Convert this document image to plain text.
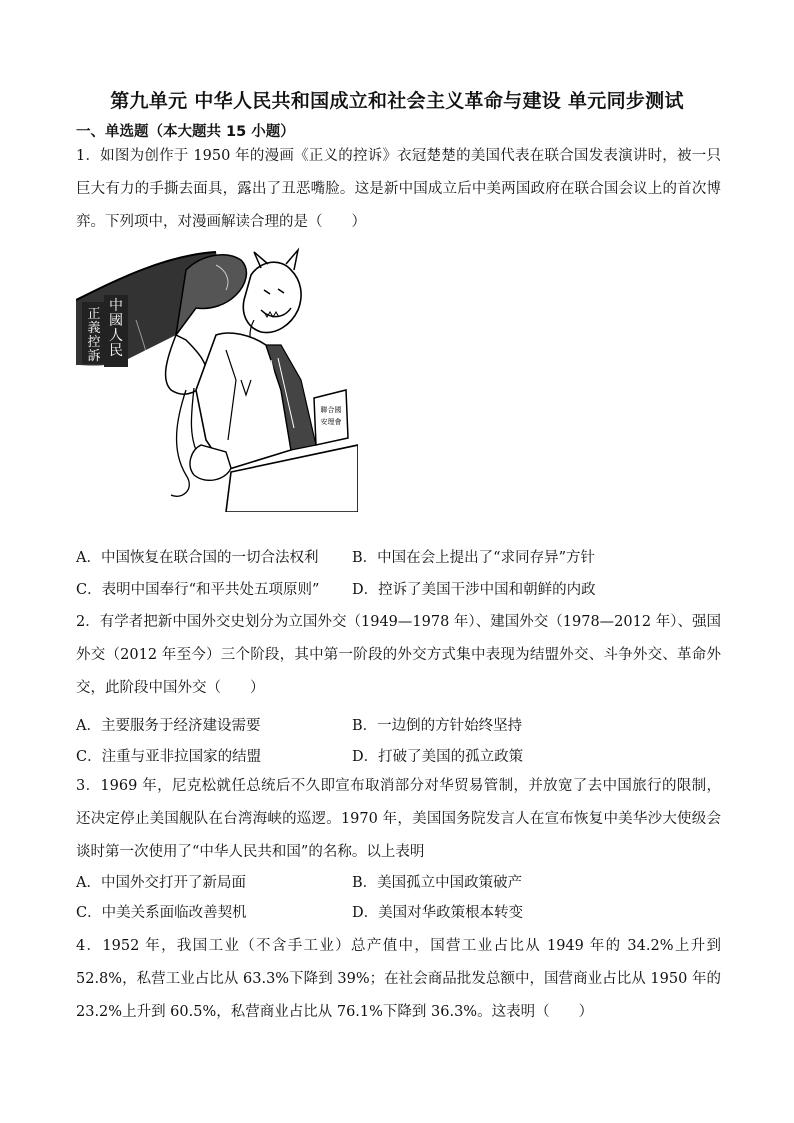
第九单元 中华人民共和国成立和社会主义革命与建设 单元同步测试
一、单选题（本大题共 15 小题）
1．如图为创作于 1950 年的漫画《正义的控诉》衣冠楚楚的美国代表在联合国发表演讲时，被一只巨大有力的手撕去面具，露出了丑恶嘴脸。这是新中国成立后中美两国政府在联合国会议上的首次博弈。下列项中，对漫画解读合理的是（　　）
正義控訴
中國人民
聯合國安理會
A．中国恢复在联合国的一切合法权利 B．中国在会上提出了“求同存异”方针
C．表明中国奉行“和平共处五项原则” D．控诉了美国干涉中国和朝鲜的内政
2．有学者把新中国外交史划分为立国外交（1949—1978 年）、建国外交（1978—2012 年）、强国外交（2012 年至今）三个阶段，其中第一阶段的外交方式集中表现为结盟外交、斗争外交、革命外交，此阶段中国外交（　　）
A．主要服务于经济建设需要	B．一边倒的方针始终坚持
C．注重与亚非拉国家的结盟	D．打破了美国的孤立政策
3．1969 年，尼克松就任总统后不久即宣布取消部分对华贸易管制，并放宽了去中国旅行的限制，还决定停止美国舰队在台湾海峡的巡逻。1970 年，美国国务院发言人在宣布恢复中美华沙大使级会谈时第一次使用了“中华人民共和国”的名称。以上表明
A．中国外交打开了新局面	B．美国孤立中国政策破产
C．中美关系面临改善契机	D．美国对华政策根本转变
4．1952 年，我国工业（不含手工业）总产值中，国营工业占比从 1949 年的 34.2%上升到 52.8%，私营工业占比从 63.3%下降到 39%；在社会商品批发总额中，国营商业占比从 1950 年的 23.2%上升到 60.5%，私营商业占比从 76.1%下降到 36.3%。这表明（　　）
